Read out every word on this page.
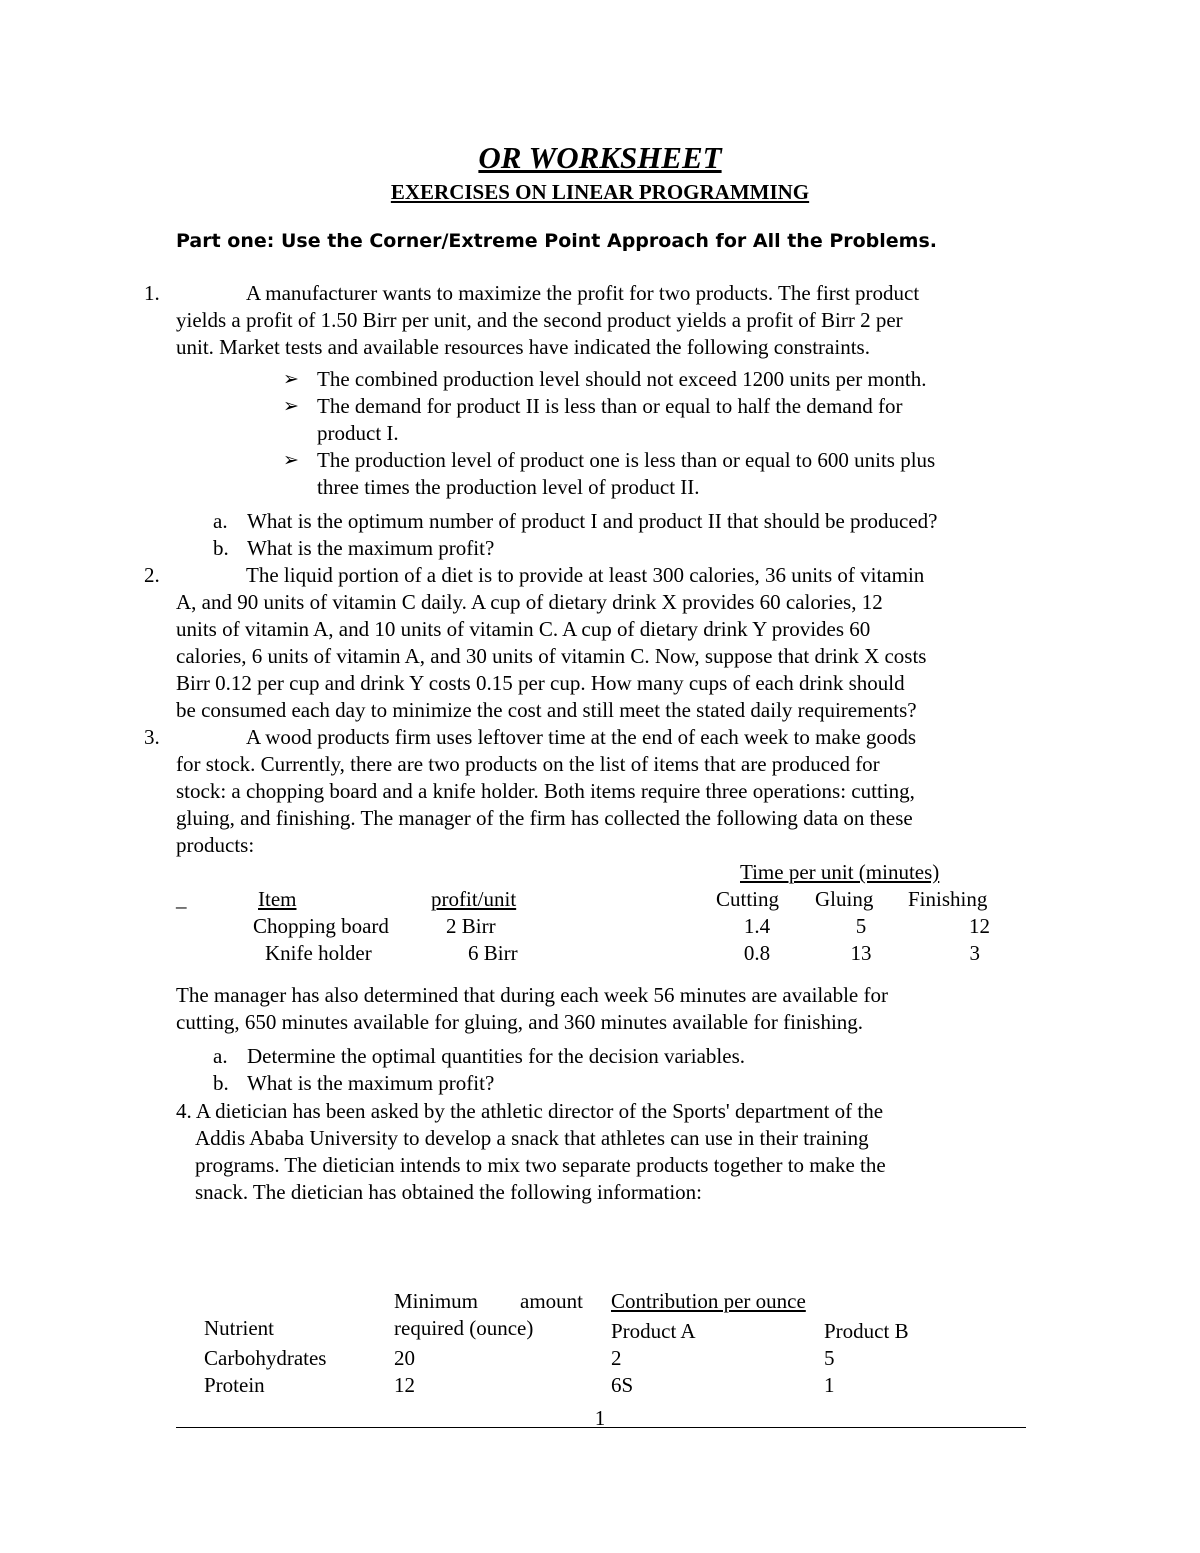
OR WORKSHEET
EXERCISES ON LINEAR PROGRAMMING
Part one: Use the Corner/Extreme Point Approach for All the Problems.
1.	A manufacturer wants to maximize the profit for two products. The first product
yields a profit of 1.50 Birr per unit, and the second product yields a profit of Birr 2 per
unit. Market tests and available resources have indicated the following constraints.
➢ The combined production level should not exceed 1200 units per month.
➢ The demand for product II is less than or equal to half the demand for
product I.
➢ The production level of product one is less than or equal to 600 units plus
three times the production level of product II.
a. What is the optimum number of product I and product II that should be produced?
b. What is the maximum profit?
2.	The liquid portion of a diet is to provide at least 300 calories, 36 units of vitamin
A, and 90 units of vitamin C daily. A cup of dietary drink X provides 60 calories, 12
units of vitamin A, and 10 units of vitamin C. A cup of dietary drink Y provides 60
calories, 6 units of vitamin A, and 30 units of vitamin C. Now, suppose that drink X costs
Birr 0.12 per cup and drink Y costs 0.15 per cup. How many cups of each drink should
be consumed each day to minimize the cost and still meet the stated daily requirements?
3.	A wood products firm uses leftover time at the end of each week to make goods
for stock. Currently, there are two products on the list of items that are produced for
stock: a chopping board and a knife holder. Both items require three operations: cutting,
gluing, and finishing. The manager of the firm has collected the following data on these
products:
Time per unit (minutes)
_	Item	profit/unit	Cutting Gluing Finishing
Chopping board	2 Birr	1.4	5	12
Knife holder	6 Birr	0.8	13	3
The manager has also determined that during each week 56 minutes are available for
cutting, 650 minutes available for gluing, and 360 minutes available for finishing.
a. Determine the optimal quantities for the decision variables.
b. What is the maximum profit?
4. A dietician has been asked by the athletic director of the Sports' department of the
Addis Ababa University to develop a snack that athletes can use in their training
programs. The dietician intends to mix two separate products together to make the
snack. The dietician has obtained the following information:
Minimum amount Contribution per ounce
Nutrient	required (ounce)	Product A	Product B
Carbohydrates	20	2	5
Protein	12	6S	1
1
